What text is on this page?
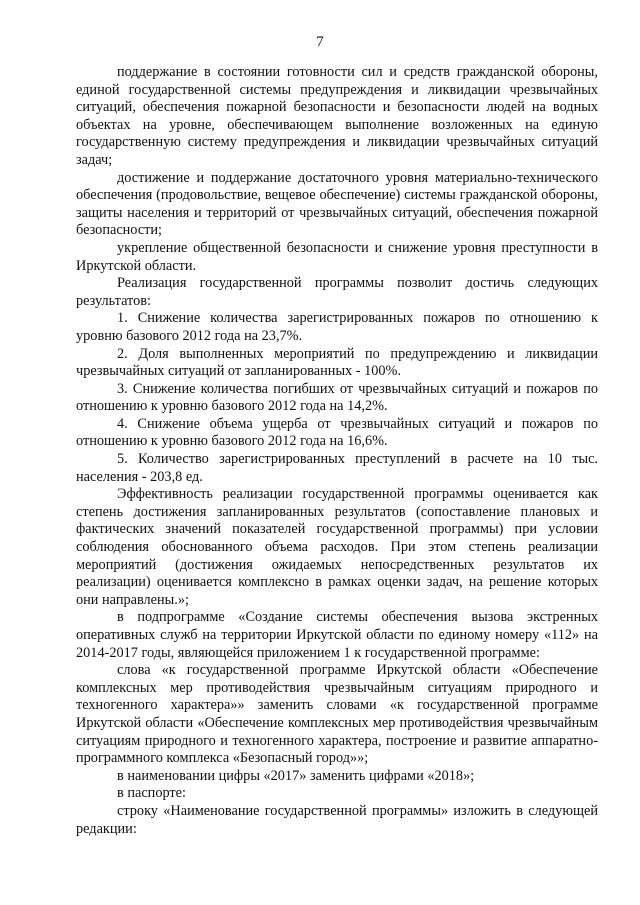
7

поддержание в состоянии готовности сил и средств гражданской обороны, единой государственной системы предупреждения и ликвидации чрезвычайных ситуаций, обеспечения пожарной безопасности и безопасности людей на водных объектах на уровне, обеспечивающем выполнение возложенных на единую государственную систему предупреждения и ликвидации чрезвычайных ситуаций задач;

достижение и поддержание достаточного уровня материально-технического обеспечения (продовольствие, вещевое обеспечение) системы гражданской обороны, защиты населения и территорий от чрезвычайных ситуаций, обеспечения пожарной безопасности;

укрепление общественной безопасности и снижение уровня преступности в Иркутской области.

Реализация государственной программы позволит достичь следующих результатов:

1. Снижение количества зарегистрированных пожаров по отношению к уровню базового 2012 года на 23,7%.

2. Доля выполненных мероприятий по предупреждению и ликвидации чрезвычайных ситуаций от запланированных - 100%.

3. Снижение количества погибших от чрезвычайных ситуаций и пожаров по отношению к уровню базового 2012 года на 14,2%.

4. Снижение объема ущерба от чрезвычайных ситуаций и пожаров по отношению к уровню базового 2012 года на 16,6%.

5. Количество зарегистрированных преступлений в расчете на 10 тыс. населения - 203,8 ед.

Эффективность реализации государственной программы оценивается как степень достижения запланированных результатов (сопоставление плановых и фактических значений показателей государственной программы) при условии соблюдения обоснованного объема расходов. При этом степень реализации мероприятий (достижения ожидаемых непосредственных результатов их реализации) оценивается комплексно в рамках оценки задач, на решение которых они направлены.»;

в подпрограмме «Создание системы обеспечения вызова экстренных оперативных служб на территории Иркутской области по единому номеру «112» на 2014-2017 годы, являющейся приложением 1 к государственной программе:

слова «к государственной программе Иркутской области «Обеспечение комплексных мер противодействия чрезвычайным ситуациям природного и техногенного характера»» заменить словами «к государственной программе Иркутской области «Обеспечение комплексных мер противодействия чрезвычайным ситуациям природного и техногенного характера, построение и развитие аппаратно-программного комплекса «Безопасный город»»;

в наименовании цифры «2017» заменить цифрами «2018»;

в паспорте:

строку «Наименование государственной программы» изложить в следующей редакции:
